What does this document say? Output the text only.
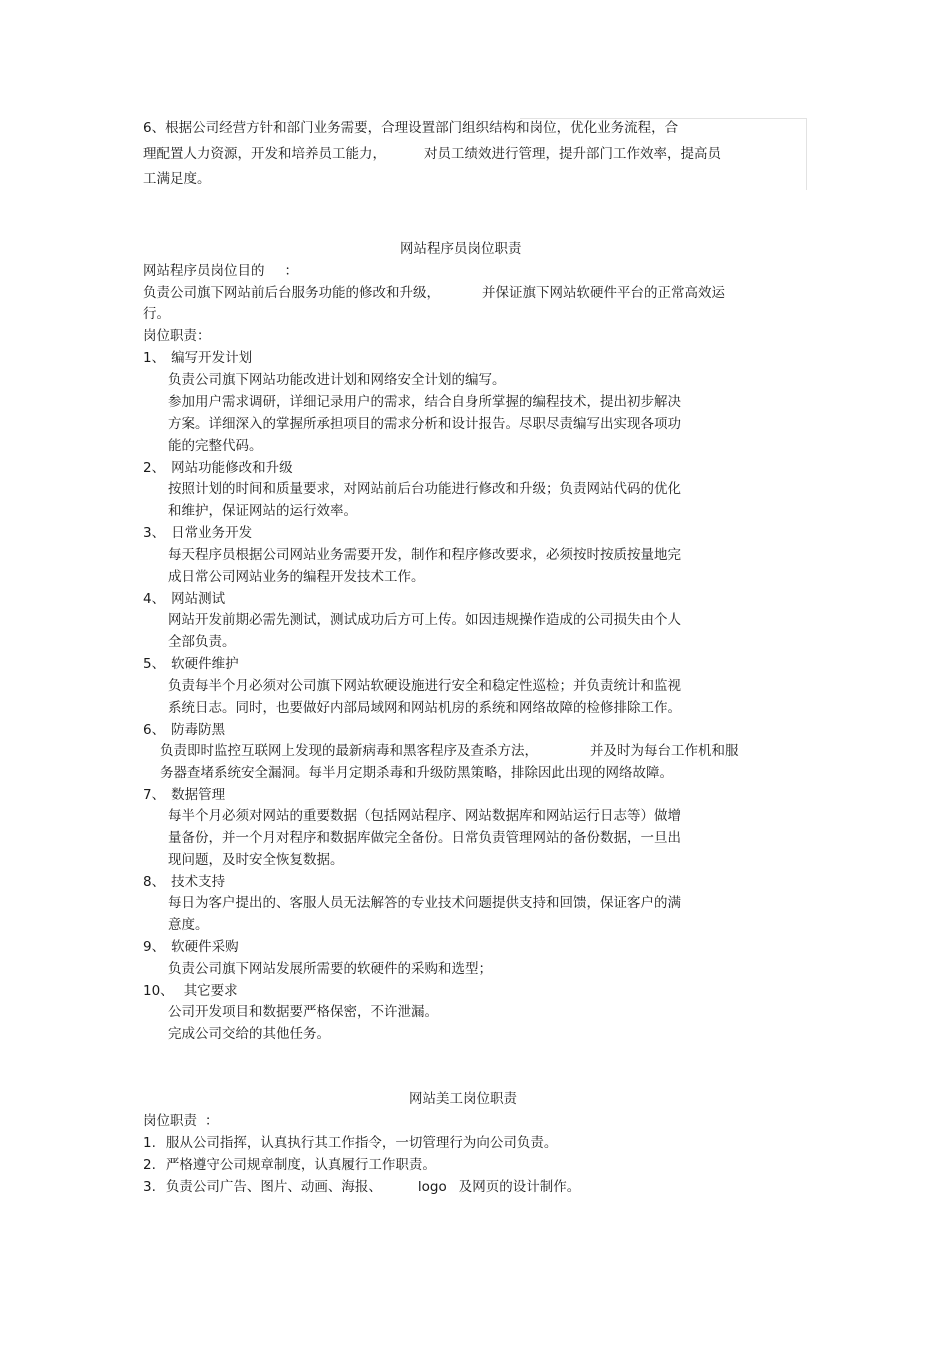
6、根据公司经营方针和部门业务需要，合理设置部门组织结构和岗位，优化业务流程，合
理配置人力资源，开发和培养员工能力，	对员工绩效进行管理，提升部门工作效率，提高员
工满足度。
网站程序员岗位职责
网站程序员岗位目的 ：
负责公司旗下网站前后台服务功能的修改和升级，	并保证旗下网站软硬件平台的正常高效运
行。
岗位职责：
1、 编写开发计划
负责公司旗下网站功能改进计划和网络安全计划的编写。
参加用户需求调研，详细记录用户的需求，结合自身所掌握的编程技术，提出初步解决
方案。详细深入的掌握所承担项目的需求分析和设计报告。尽职尽责编写出实现各项功
能的完整代码。
2、 网站功能修改和升级
按照计划的时间和质量要求，对网站前后台功能进行修改和升级；负责网站代码的优化
和维护，保证网站的运行效率。
3、 日常业务开发
每天程序员根据公司网站业务需要开发，制作和程序修改要求，必须按时按质按量地完
成日常公司网站业务的编程开发技术工作。
4、 网站测试
网站开发前期必需先测试，测试成功后方可上传。如因违规操作造成的公司损失由个人
全部负责。
5、 软硬件维护
负责每半个月必须对公司旗下网站软硬设施进行安全和稳定性巡检；并负责统计和监视
系统日志。同时，也要做好内部局域网和网站机房的系统和网络故障的检修排除工作。
6、 防毒防黑
负责即时监控互联网上发现的最新病毒和黑客程序及查杀方法，	并及时为每台工作机和服
务器查堵系统安全漏洞。每半月定期杀毒和升级防黑策略，排除因此出现的网络故障。
7、 数据管理
每半个月必须对网站的重要数据（包括网站程序、网站数据库和网站运行日志等）做增
量备份，并一个月对程序和数据库做完全备份。日常负责管理网站的备份数据，一旦出
现问题，及时安全恢复数据。
8、 技术支持
每日为客户提出的、客服人员无法解答的专业技术问题提供支持和回馈，保证客户的满
意度。
9、 软硬件采购
负责公司旗下网站发展所需要的软硬件的采购和选型；
10、 其它要求
公司开发项目和数据要严格保密，不许泄漏。
完成公司交给的其他任务。
网站美工岗位职责
岗位职责 ：
1. 服从公司指挥，认真执行其工作指令，一切管理行为向公司负责。
2. 严格遵守公司规章制度，认真履行工作职责。
3. 负责公司广告、图片、动画、海报、	logo 及网页的设计制作。
